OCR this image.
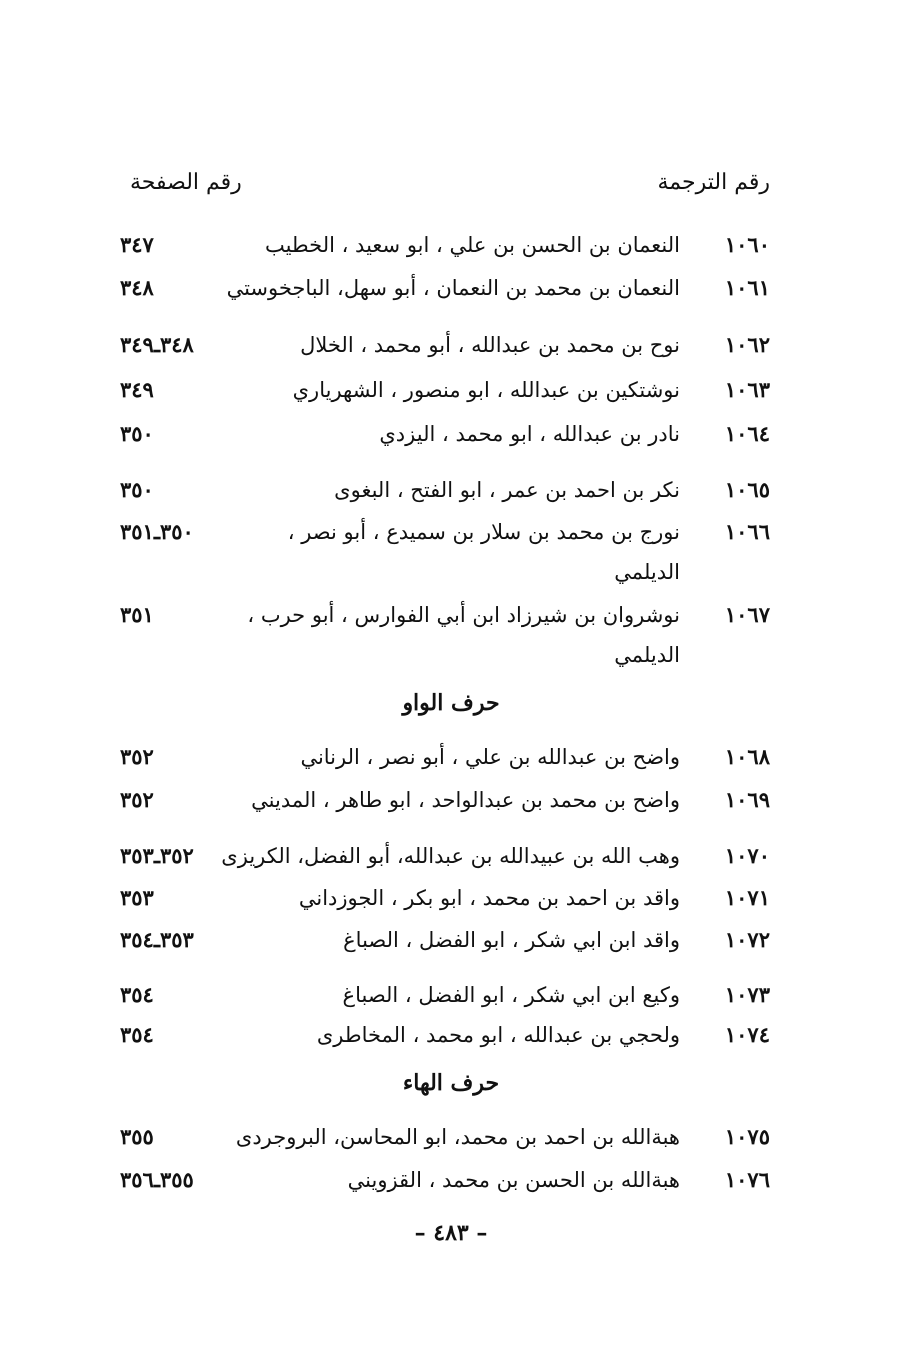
رقم الترجمة
رقم الصفحة
١٠٦٠
النعمان بن الحسن بن علي ، ابو سعيد ، الخطيب
٣٤٧
١٠٦١
النعمان بن محمد بن النعمان ، أبو سهل، الباجخوستي
٣٤٨
١٠٦٢
نوح بن محمد بن عبدالله ، أبو محمد ، الخلال
٣٤٨ـ٣٤٩
١٠٦٣
نوشتكين بن عبدالله ، ابو منصور ، الشهرياري
٣٤٩
١٠٦٤
نادر بن عبدالله ، ابو محمد ، اليزدي
٣٥٠
١٠٦٥
نكر بن احمد بن عمر ، ابو الفتح ، البغوى
٣٥٠
١٠٦٦
نورج بن محمد بن سلار بن سميدع ، أبو نصر ،
الديلمي
٣٥٠ـ٣٥١
١٠٦٧
نوشروان بن شيرزاد ابن أبي الفوارس ، أبو حرب ،
الديلمي
٣٥١
حرف الواو
١٠٦٨
واضح بن عبدالله بن علي ، أبو نصر ، الرناني
٣٥٢
١٠٦٩
واضح بن محمد بن عبدالواحد ، ابو طاهر ، المديني
٣٥٢
١٠٧٠
وهب الله بن عبيدالله بن عبدالله، أبو الفضل، الكريزى
٣٥٢ـ٣٥٣
١٠٧١
واقد بن احمد بن محمد ، ابو بكر ، الجوزداني
٣٥٣
١٠٧٢
واقد ابن ابي شكر ، ابو الفضل ، الصباغ
٣٥٣ـ٣٥٤
١٠٧٣
وكيع ابن ابي شكر ، ابو الفضل ، الصباغ
٣٥٤
١٠٧٤
ولحجي بن عبدالله ، ابو محمد ، المخاطرى
٣٥٤
حرف الهاء
١٠٧٥
هبةالله بن احمد بن محمد، ابو المحاسن، البروجردى
٣٥٥
١٠٧٦
هبةالله بن الحسن بن محمد ، القزويني
٣٥٥ـ٣٥٦
– ٤٨٣ –
